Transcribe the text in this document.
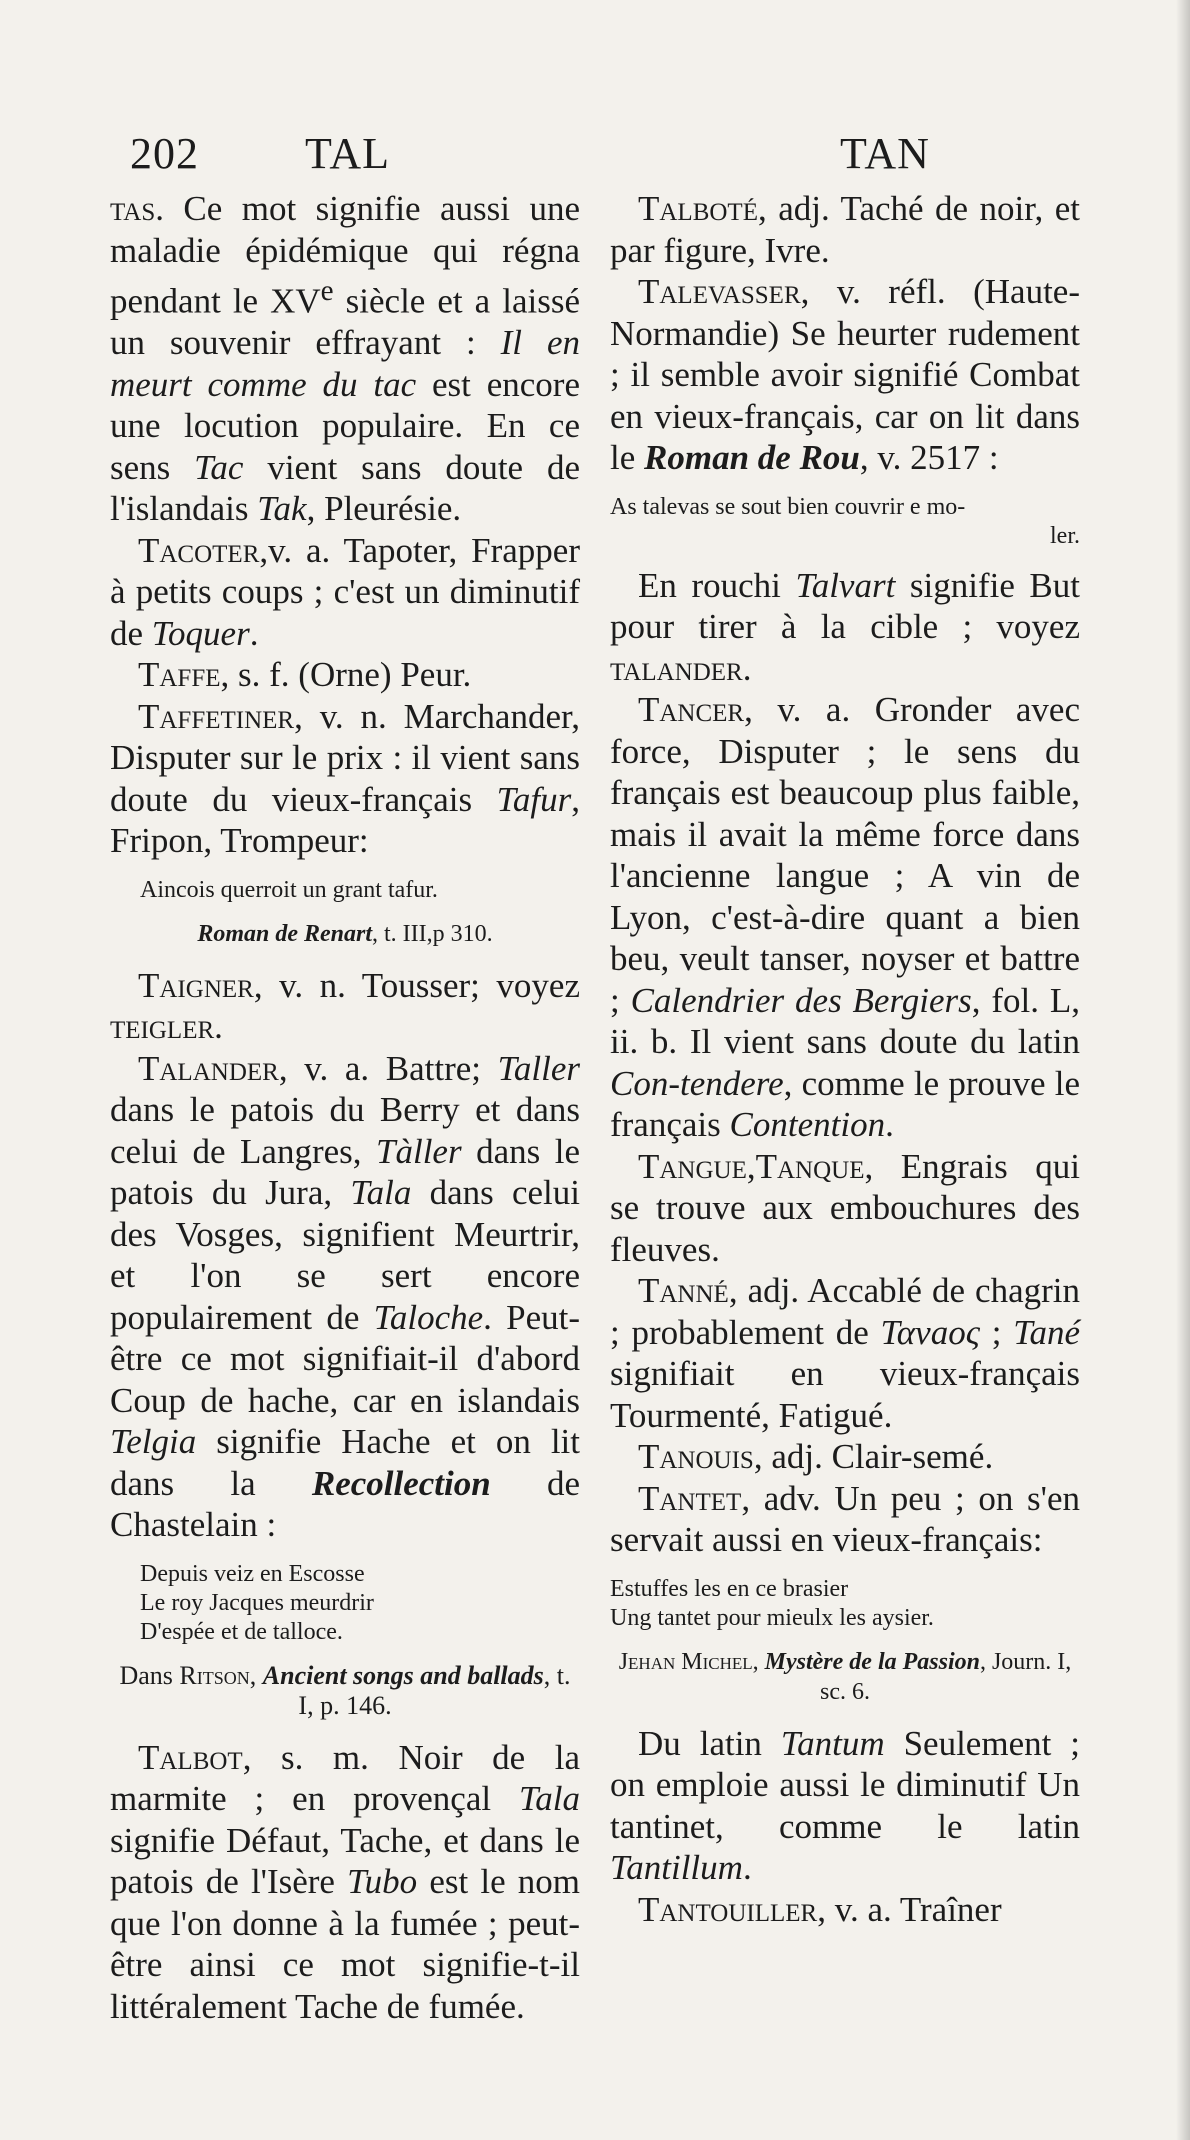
202 TAL	TAN

tas. Ce mot signifie aussi une maladie épidémique qui régna pendant le XVe siècle et a laissé un souvenir effrayant : Il en meurt comme du tac est encore une locution populaire. En ce sens Tac vient sans doute de l'islandais Tak, Pleurésie.

Tacoter,v. a. Tapoter, Frapper à petits coups ; c'est un diminutif de Toquer.

Taffe, s. f. (Orne) Peur.

Taffetiner, v. n. Marchander, Disputer sur le prix : il vient sans doute du vieux-français Tafur, Fripon, Trompeur:

Aincois querroit un grant tafur.
Roman de Renart, t. III,p 310.

Taigner, v. n. Tousser; voyez teigler.

Talander, v. a. Battre; Taller dans le patois du Berry et dans celui de Langres, Tàller dans le patois du Jura, Tala dans celui des Vosges, signifient Meurtrir, et l'on se sert encore populairement de Taloche. Peut-être ce mot signifiait-il d'abord Coup de hache, car en islandais Telgia signifie Hache et on lit dans la Recollection de Chastelain :

Depuis veiz en Escosse
Le roy Jacques meurdrir
D'espée et de talloce.
Dans Ritson, Ancient songs and ballads, t. I, p. 146.

Talbot, s. m. Noir de la marmite ; en provençal Tala signifie Défaut, Tache, et dans le patois de l'Isère Tubo est le nom que l'on donne à la fumée ; peut-être ainsi ce mot signifie-t-il littéralement Tache de fumée.

Talboté, adj. Taché de noir, et par figure, Ivre.

Talevasser, v. réfl. (Haute-Normandie) Se heurter rudement ; il semble avoir signifié Combat en vieux-français, car on lit dans le Roman de Rou, v. 2517 :

As talevas se sout bien couvrir e mo-
ler.

En rouchi Talvart signifie But pour tirer à la cible ; voyez talander.

Tancer, v. a. Gronder avec force, Disputer ; le sens du français est beaucoup plus faible, mais il avait la même force dans l'ancienne langue ; A vin de Lyon, c'est-à-dire quant a bien beu, veult tanser, noyser et battre ; Calendrier des Bergiers, fol. L, ii. b. Il vient sans doute du latin Con-tendere, comme le prouve le français Contention.

Tangue,Tanque, Engrais qui se trouve aux embouchures des fleuves.

Tanné, adj. Accablé de chagrin ; probablement de Τανaος ; Tané signifiait en vieux-français Tourmenté, Fatigué.

Tanouis, adj. Clair-semé.

Tantet, adv. Un peu ; on s'en servait aussi en vieux-français:

Estuffes les en ce brasier
Ung tantet pour mieulx les aysier.
Jehan Michel, Mystère de la Passion, Journ. I, sc. 6.

Du latin Tantum Seulement ; on emploie aussi le diminutif Un tantinet, comme le latin Tantillum.

Tantouiller, v. a. Traîner
